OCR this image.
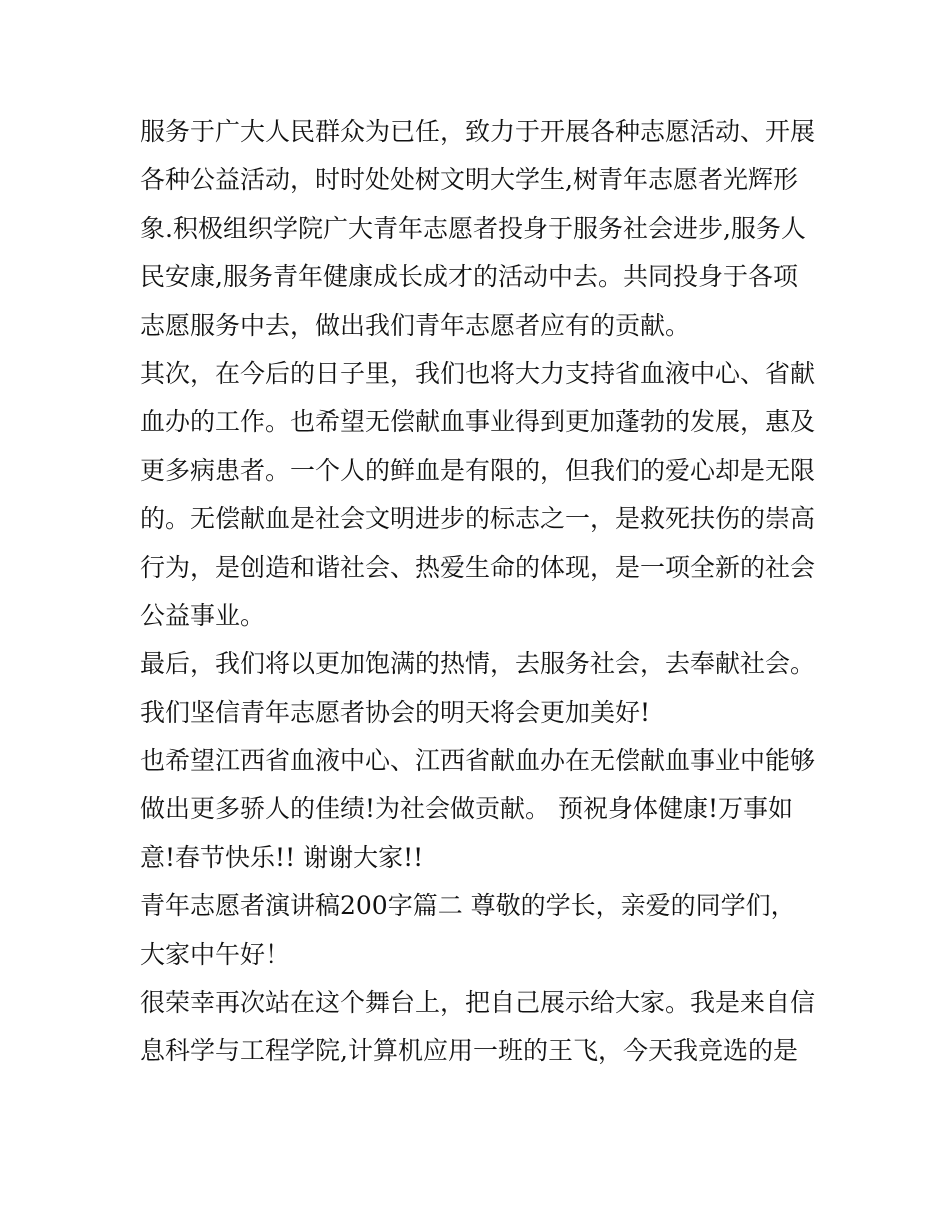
服务于广大人民群众为已任，致力于开展各种志愿活动、开展
各种公益活动，时时处处树文明大学生,树青年志愿者光辉形
象.积极组织学院广大青年志愿者投身于服务社会进步,服务人
民安康,服务青年健康成长成才的活动中去。共同投身于各项
志愿服务中去，做出我们青年志愿者应有的贡献。
其次，在今后的日子里，我们也将大力支持省血液中心、省献
血办的工作。也希望无偿献血事业得到更加蓬勃的发展，惠及
更多病患者。一个人的鲜血是有限的，但我们的爱心却是无限
的。无偿献血是社会文明进步的标志之一，是救死扶伤的崇高
行为，是创造和谐社会、热爱生命的体现，是一项全新的社会
公益事业。
最后，我们将以更加饱满的热情，去服务社会，去奉献社会。
我们坚信青年志愿者协会的明天将会更加美好!
也希望江西省血液中心、江西省献血办在无偿献血事业中能够
做出更多骄人的佳绩!为社会做贡献。 预祝身体健康!万事如
意!春节快乐!! 谢谢大家!!
青年志愿者演讲稿200字篇二 尊敬的学长，亲爱的同学们，
大家中午好！
很荣幸再次站在这个舞台上，把自己展示给大家。我是来自信
息科学与工程学院,计算机应用一班的王飞，今天我竞选的是
